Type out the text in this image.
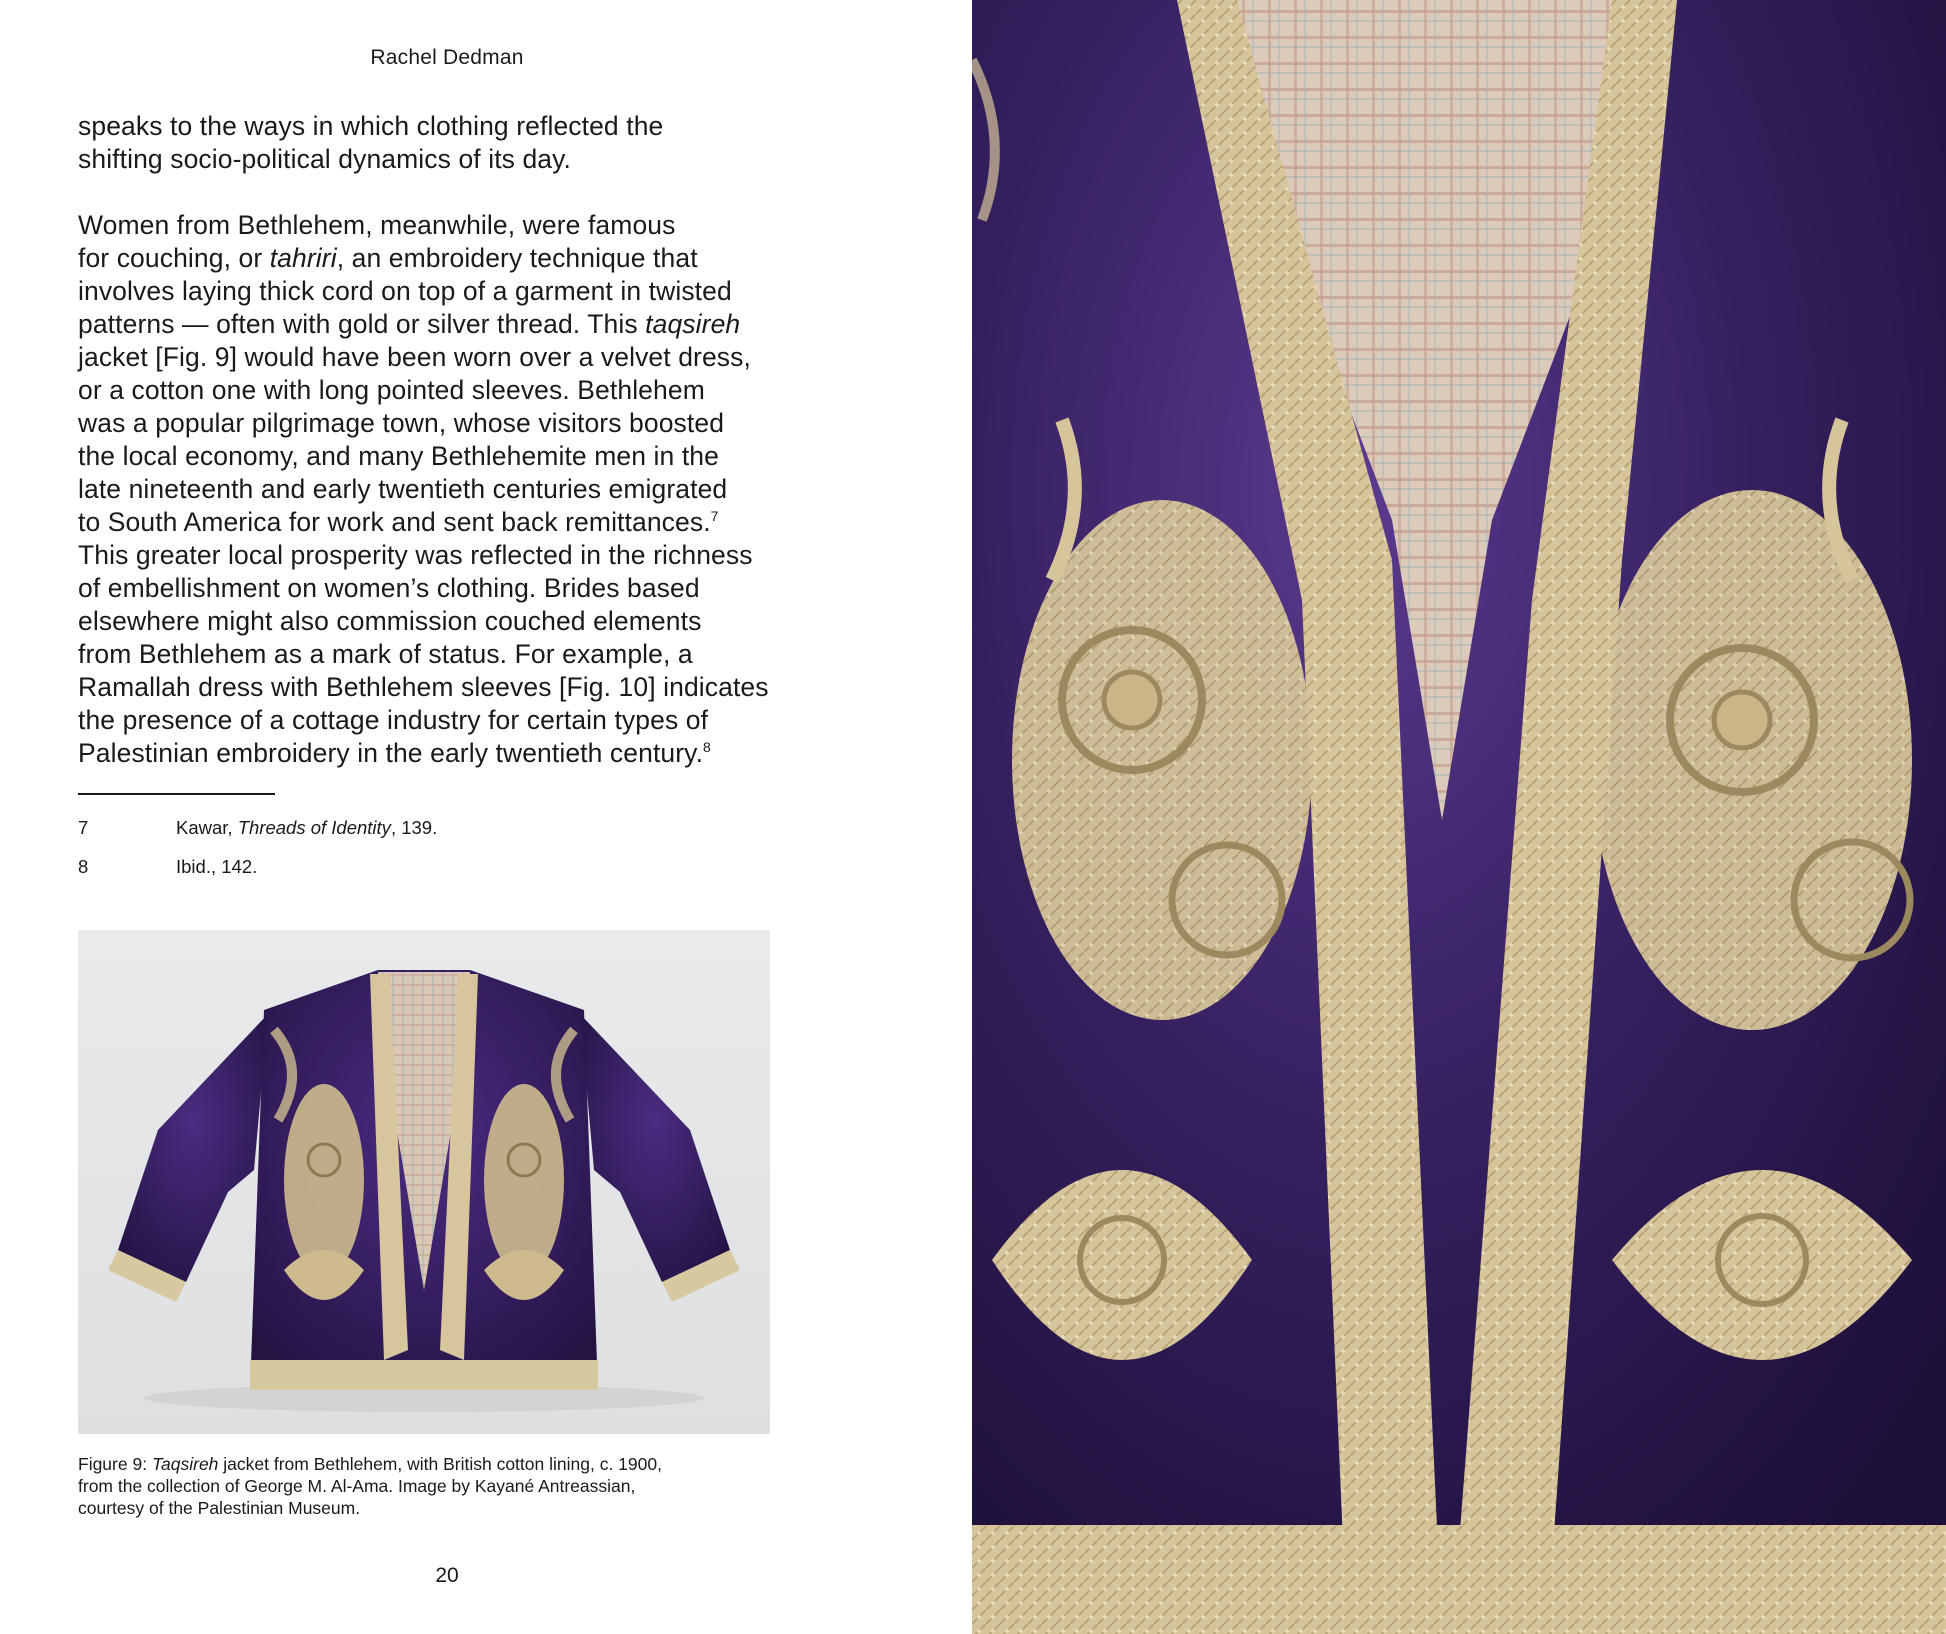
Rachel Dedman

speaks to the ways in which clothing reflected the
shifting socio-political dynamics of its day.

Women from Bethlehem, meanwhile, were famous
for couching, or tahriri, an embroidery technique that
involves laying thick cord on top of a garment in twisted
patterns — often with gold or silver thread. This taqsireh
jacket [Fig. 9] would have been worn over a velvet dress,
or a cotton one with long pointed sleeves. Bethlehem
was a popular pilgrimage town, whose visitors boosted
the local economy, and many Bethlehemite men in the
late nineteenth and early twentieth centuries emigrated
to South America for work and sent back remittances.$^7$
This greater local prosperity was reflected in the richness
of embellishment on women’s clothing. Brides based
elsewhere might also commission couched elements
from Bethlehem as a mark of status. For example, a
Ramallah dress with Bethlehem sleeves [Fig. 10] indicates
the presence of a cottage industry for certain types of
Palestinian embroidery in the early twentieth century.$^8$

7	Kawar, Threads of Identity, 139.
8	Ibid., 142.
Figure 9: Taqsireh jacket from Bethlehem, with British cotton lining, c. 1900,
from the collection of George M. Al-Ama. Image by Kayané Antreassian,
courtesy of the Palestinian Museum.
20
